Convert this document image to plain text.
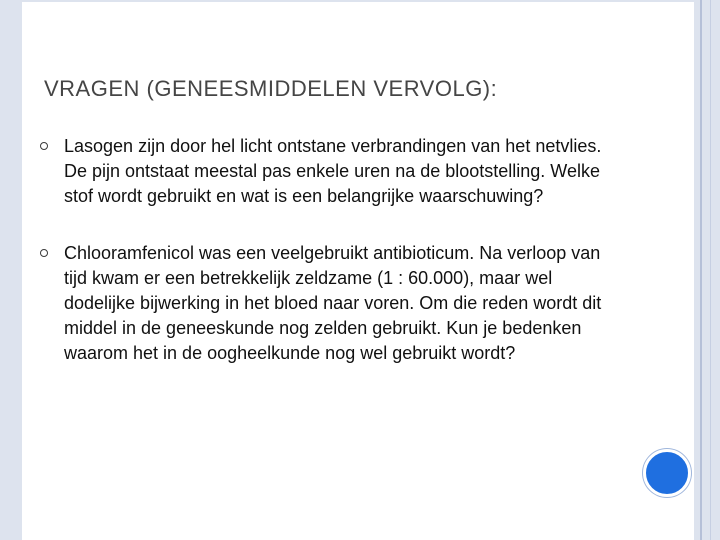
VRAGEN (GENEESMIDDELEN VERVOLG):
Lasogen zijn door hel licht ontstane verbrandingen van het netvlies. De pijn ontstaat meestal pas enkele uren na de blootstelling. Welke stof wordt gebruikt en wat is een belangrijke waarschuwing?
Chlooramfenicol was een veelgebruikt antibioticum. Na verloop van tijd kwam er een betrekkelijk zeldzame (1 : 60.000), maar wel dodelijke bijwerking in het bloed naar voren. Om die reden wordt dit middel in de geneeskunde nog zelden gebruikt. Kun je bedenken waarom het in de oogheelkunde nog wel gebruikt wordt?
